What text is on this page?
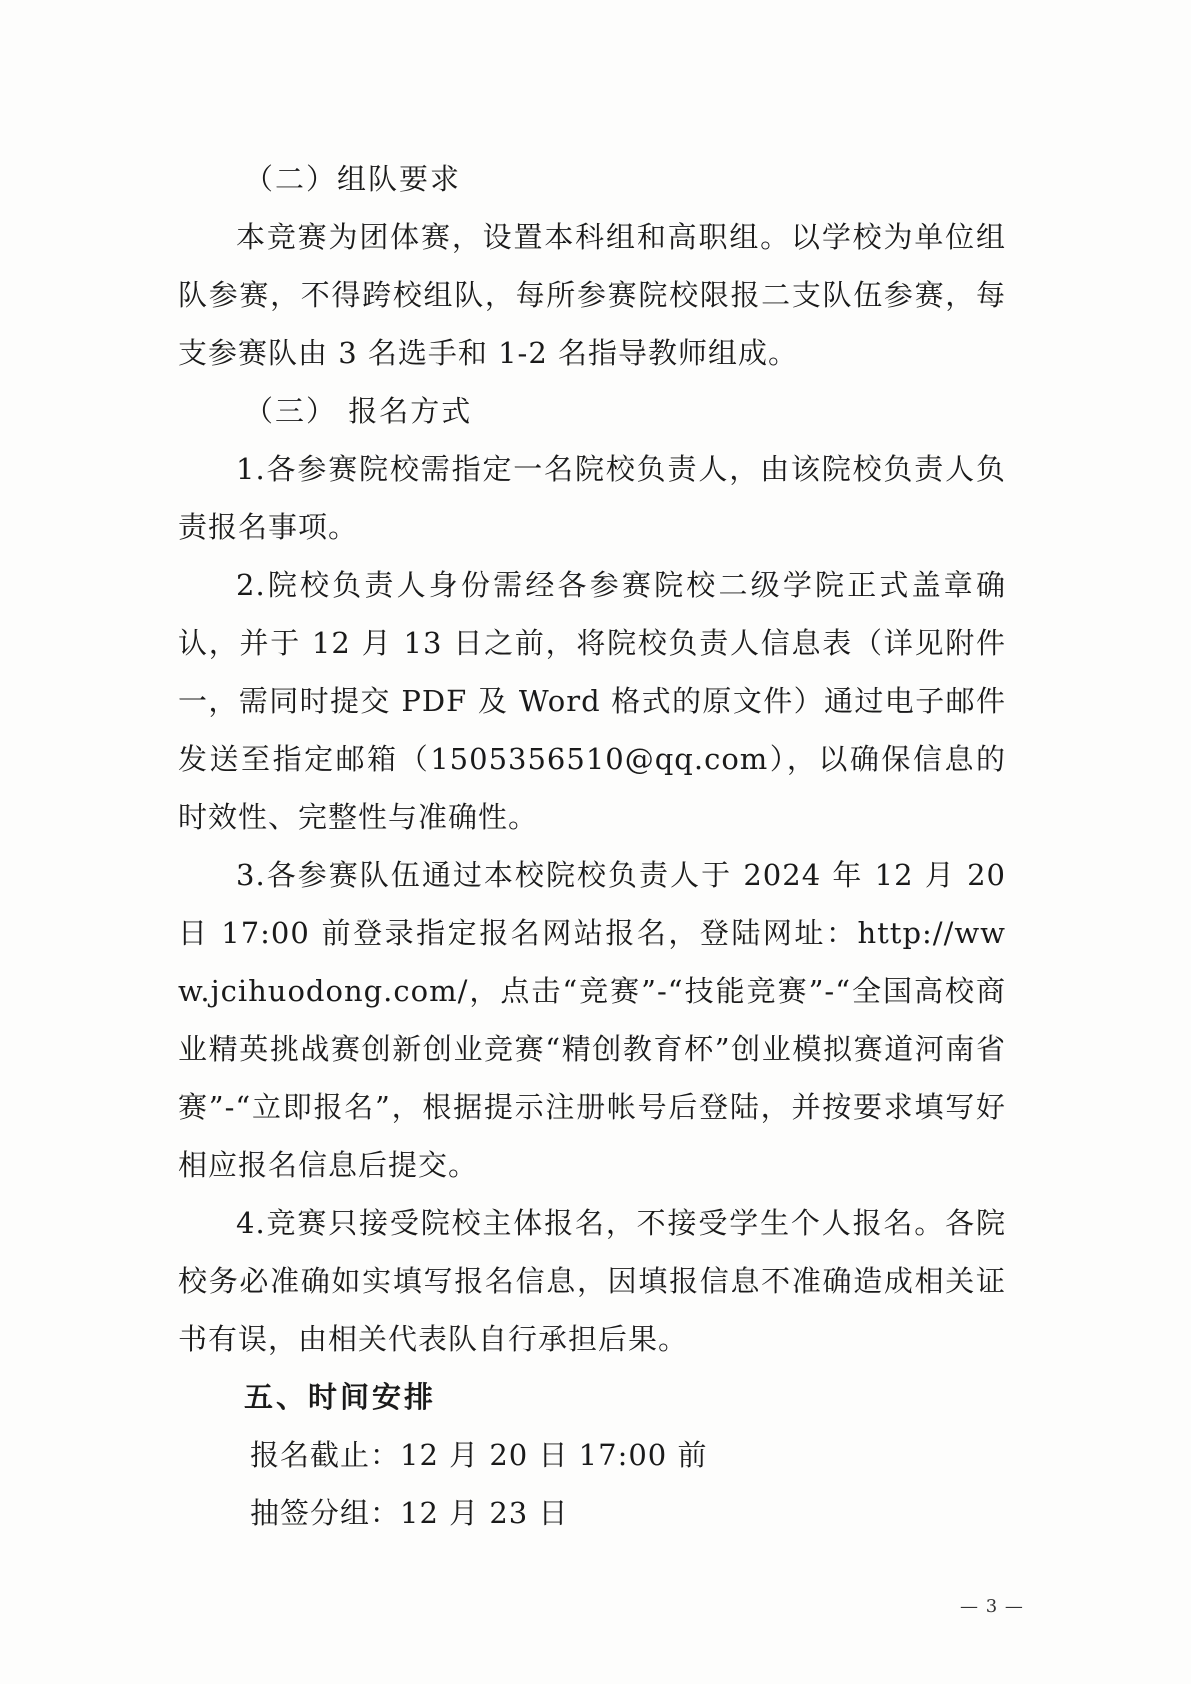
（二）组队要求

本竞赛为团体赛，设置本科组和高职组。以学校为单位组队参赛，不得跨校组队，每所参赛院校限报二支队伍参赛，每支参赛队由 3 名选手和 1-2 名指导教师组成。

（三） 报名方式

1.各参赛院校需指定一名院校负责人，由该院校负责人负责报名事项。

2.院校负责人身份需经各参赛院校二级学院正式盖章确认，并于 12 月 13 日之前，将院校负责人信息表（详见附件一，需同时提交 PDF 及 Word 格式的原文件）通过电子邮件发送至指定邮箱（1505356510@qq.com），以确保信息的时效性、完整性与准确性。

3.各参赛队伍通过本校院校负责人于 2024 年 12 月 20 日 17:00 前登录指定报名网站报名，登陆网址：http://www.jcihuodong.com/，点击“竞赛”-“技能竞赛”-“全国高校商业精英挑战赛创新创业竞赛“精创教育杯”创业模拟赛道河南省赛”-“立即报名”，根据提示注册帐号后登陆，并按要求填写好相应报名信息后提交。

4.竞赛只接受院校主体报名，不接受学生个人报名。各院校务必准确如实填写报名信息，因填报信息不准确造成相关证书有误，由相关代表队自行承担后果。

五、时间安排

报名截止：12 月 20 日 17:00 前

抽签分组：12 月 23 日

— 3 —
